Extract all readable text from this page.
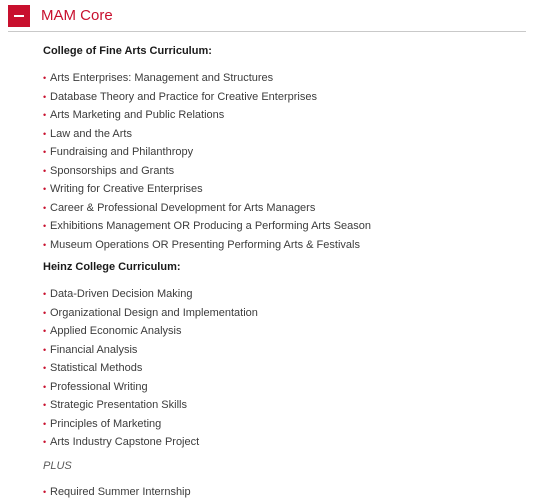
MAM Core

College of Fine Arts Curriculum:

• Arts Enterprises: Management and Structures
• Database Theory and Practice for Creative Enterprises
• Arts Marketing and Public Relations
• Law and the Arts
• Fundraising and Philanthropy
• Sponsorships and Grants
• Writing for Creative Enterprises
• Career & Professional Development for Arts Managers
• Exhibitions Management OR Producing a Performing Arts Season
• Museum Operations OR Presenting Performing Arts & Festivals

Heinz College Curriculum:

• Data-Driven Decision Making
• Organizational Design and Implementation
• Applied Economic Analysis
• Financial Analysis
• Statistical Methods
• Professional Writing
• Strategic Presentation Skills
• Principles of Marketing
• Arts Industry Capstone Project

PLUS

• Required Summer Internship
